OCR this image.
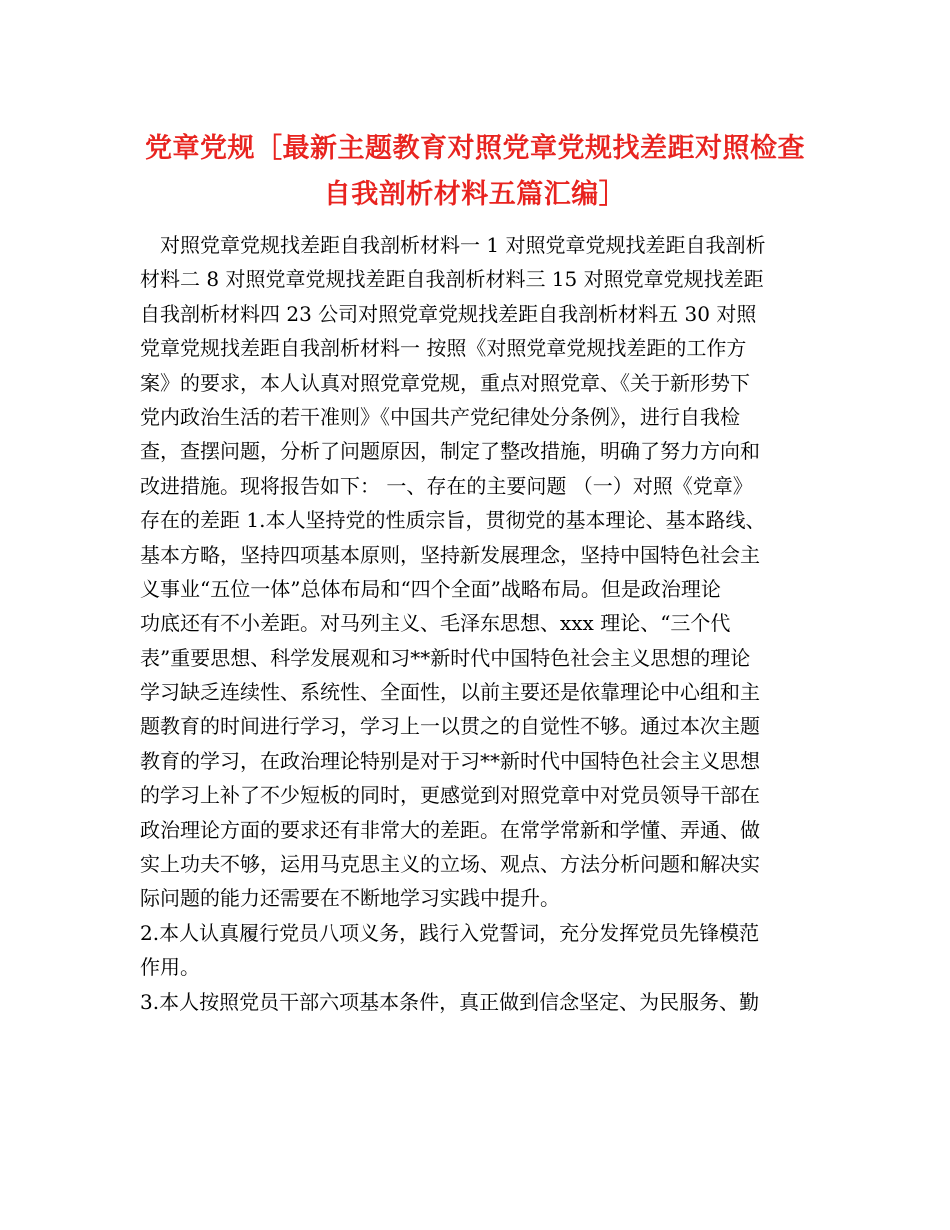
党章党规［最新主题教育对照党章党规找差距对照检查
自我剖析材料五篇汇编］
　对照党章党规找差距自我剖析材料一 1 对照党章党规找差距自我剖析
材料二 8 对照党章党规找差距自我剖析材料三 15 对照党章党规找差距
自我剖析材料四 23 公司对照党章党规找差距自我剖析材料五 30 对照
党章党规找差距自我剖析材料一 按照《对照党章党规找差距的工作方
案》的要求，本人认真对照党章党规，重点对照党章、《关于新形势下
党内政治生活的若干准则》《中国共产党纪律处分条例》，进行自我检
查，查摆问题，分析了问题原因，制定了整改措施，明确了努力方向和
改进措施。现将报告如下： 一、存在的主要问题 （一）对照《党章》
存在的差距 1.本人坚持党的性质宗旨，贯彻党的基本理论、基本路线、
基本方略，坚持四项基本原则，坚持新发展理念，坚持中国特色社会主
义事业“五位一体”总体布局和“四个全面”战略布局。但是政治理论
功底还有不小差距。对马列主义、毛泽东思想、xxx 理论、“三个代
表”重要思想、科学发展观和习**新时代中国特色社会主义思想的理论
学习缺乏连续性、系统性、全面性，以前主要还是依靠理论中心组和主
题教育的时间进行学习，学习上一以贯之的自觉性不够。通过本次主题
教育的学习，在政治理论特别是对于习**新时代中国特色社会主义思想
的学习上补了不少短板的同时，更感觉到对照党章中对党员领导干部在
政治理论方面的要求还有非常大的差距。在常学常新和学懂、弄通、做
实上功夫不够，运用马克思主义的立场、观点、方法分析问题和解决实
际问题的能力还需要在不断地学习实践中提升。
2.本人认真履行党员八项义务，践行入党誓词，充分发挥党员先锋模范
作用。
3.本人按照党员干部六项基本条件，真正做到信念坚定、为民服务、勤
